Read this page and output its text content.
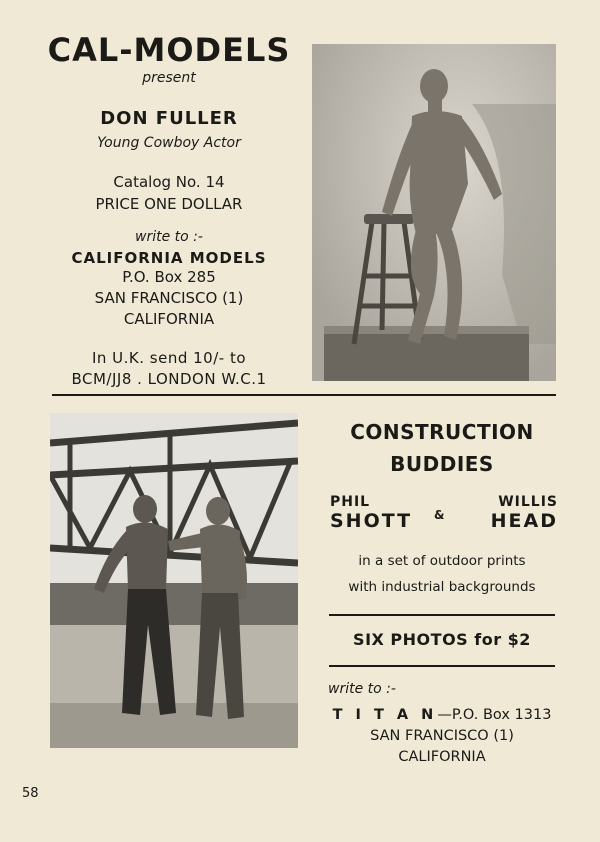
CAL-MODELS
present
DON FULLER
Young Cowboy Actor
Catalog No. 14
PRICE ONE DOLLAR
write to :-
CALIFORNIA MODELS
P.O. Box 285
SAN FRANCISCO (1)
CALIFORNIA
In U.K. send 10/- to
BCM/JJ8 . LONDON W.C.1
CONSTRUCTION
BUDDIES
PHIL
SHOTT &
WILLIS
HEAD
in a set of outdoor prints
with industrial backgrounds
SIX PHOTOS for $2
write to :-
T I T A N—P.O. Box 1313
SAN FRANCISCO (1)
CALIFORNIA
58
